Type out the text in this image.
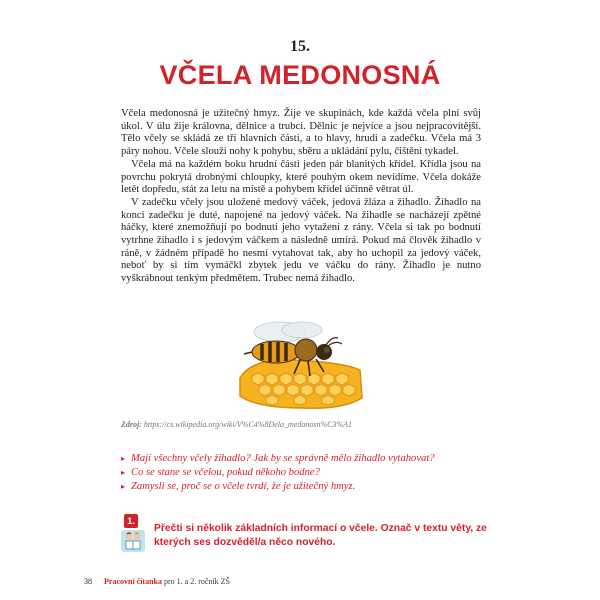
15.
VČELA MEDONOSNÁ

Včela medonosná je užitečný hmyz. Žije ve skupinách, kde každá včela plní svůj úkol. V úlu žije královna, dělnice a trubci. Dělnic je nejvíce a jsou nejpracovitější. Tělo včely se skládá ze tří hlavních částí, a to hlavy, hrudi a zadečku. Včela má 3 páry nohou. Včele slouží nohy k pohybu, sběru a ukládání pylu, čištění tykadel.

Včela má na každém boku hrudní části jeden pár blanitých křídel. Křídla jsou na povrchu pokrytá drobnými chloupky, které pouhým okem nevidíme. Včela dokáže letět dopředu, stát za letu na místě a pohybem křídel účinně větrat úl.

V zadečku včely jsou uložené medový váček, jedová žláza a žihadlo. Žihadlo na konci zadečku je duté, napojené na jedový váček. Na žihadle se nacházejí zpětné háčky, které znemožňují po bodnutí jeho vytažení z rány. Včela si tak po bodnutí vytrhne žihadlo i s jedovým váčkem a následně umírá. Pokud má člověk žihadlo v ráně, v žádném případě ho nesmí vytahovat tak, aby ho uchopil za jedový váček, neboť by si tím vymáčkl zbytek jedu ve váčku do rány. Žihadlo je nutno vyškrábnout tenkým předmětem. Trubec nemá žihadlo.

Zdroj: https://cs.wikipedia.org/wiki/V%C4%8Dela_medonosn%C3%A1
▸ Mají všechny včely žihadlo? Jak by se správně mělo žihadlo vytahovat?
▸ Co se stane se včelou, pokud někoho bodne?
▸ Zamysli se, proč se o včele tvrdí, že je užitečný hmyz.
1.
Přečti si několik základních informací o včele. Označ v textu věty, ze kterých ses dozvěděl/a něco nového.
38 Pracovní čítanka pro 1. a 2. ročník ZŠ
